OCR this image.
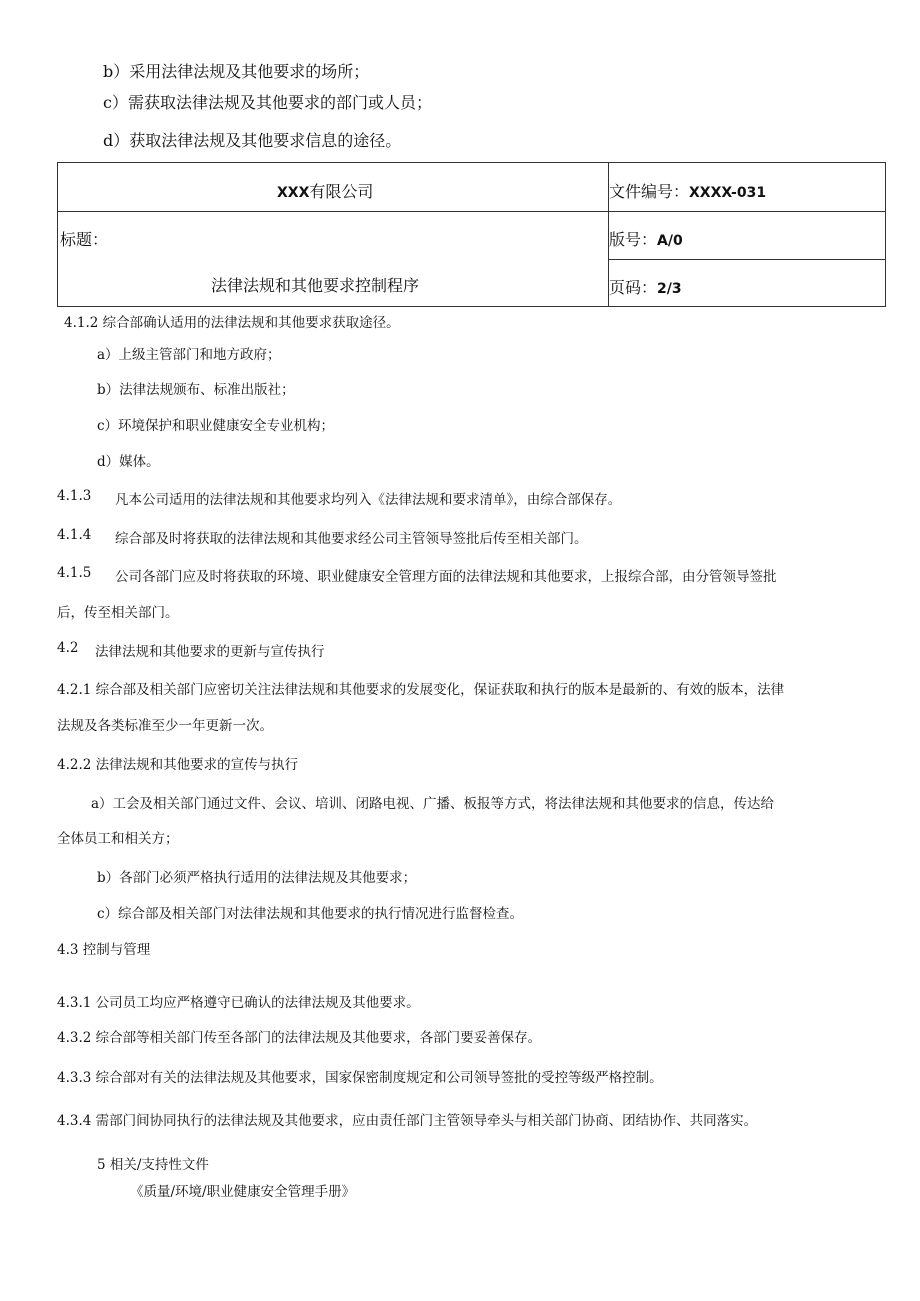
b）采用法律法规及其他要求的场所；
c）需获取法律法规及其他要求的部门或人员；
d）获取法律法规及其他要求信息的途径。
XXX有限公司	文件编号：XXXX-031
标题：
法律法规和其他要求控制程序
版号：A/0
页码：2/3
4.1.2 综合部确认适用的法律法规和其他要求获取途径。
a）上级主管部门和地方政府；
b）法律法规颁布、标准出版社；
c）环境保护和职业健康安全专业机构；
d）媒体。
4.1.3 凡本公司适用的法律法规和其他要求均列入《法律法规和要求清单》，由综合部保存。
4.1.4 综合部及时将获取的法律法规和其他要求经公司主管领导签批后传至相关部门。
4.1.5 公司各部门应及时将获取的环境、职业健康安全管理方面的法律法规和其他要求，上报综合部，由分管领导签批
后，传至相关部门。
4.2 法律法规和其他要求的更新与宣传执行
4.2.1 综合部及相关部门应密切关注法律法规和其他要求的发展变化，保证获取和执行的版本是最新的、有效的版本，法律
法规及各类标准至少一年更新一次。
4.2.2 法律法规和其他要求的宣传与执行
a）工会及相关部门通过文件、会议、培训、闭路电视、广播、板报等方式，将法律法规和其他要求的信息，传达给
全体员工和相关方；
b）各部门必须严格执行适用的法律法规及其他要求；
c）综合部及相关部门对法律法规和其他要求的执行情况进行监督检查。
4.3 控制与管理
4.3.1 公司员工均应严格遵守已确认的法律法规及其他要求。
4.3.2 综合部等相关部门传至各部门的法律法规及其他要求，各部门要妥善保存。
4.3.3 综合部对有关的法律法规及其他要求，国家保密制度规定和公司领导签批的受控等级严格控制。
4.3.4 需部门间协同执行的法律法规及其他要求，应由责任部门主管领导牵头与相关部门协商、团结协作、共同落实。
5 相关/支持性文件
《质量/环境/职业健康安全管理手册》
